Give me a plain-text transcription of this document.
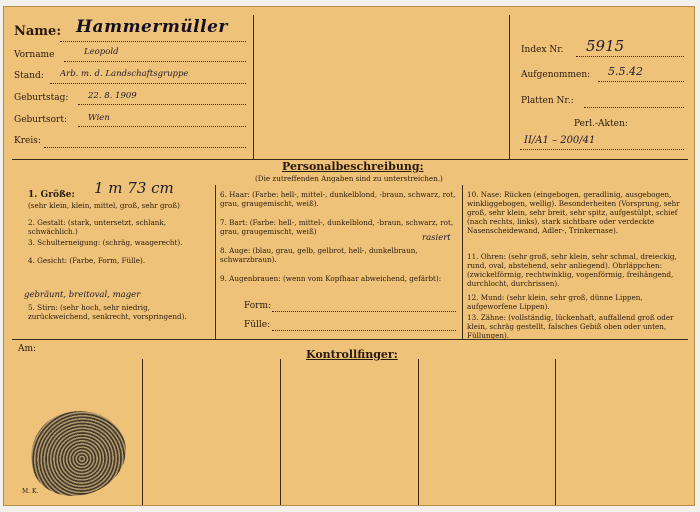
Name: Hammermüller
Vorname	Leopold
Stand: Arb. m. d. Landschaftsgruppe
Geburtstag: 22. 8. 1909
Geburtsort: Wien
Kreis:
Index Nr. 5915
Aufgenommen: 5.5.42
Platten Nr.:
Perl.-Akten:
II/A1 – 200/41
Personalbeschreibung:
(Die zutreffenden Angaben sind zu unterstreichen.)
1. Größe: 1 m 73 cm
(sehr klein, klein, mittel, groß, sehr groß)
2. Gestalt: (stark, untersetzt, schlank, schwächlich.)
3. Schulterneigung: (schräg, waagerecht).
4. Gesicht: (Farbe, Form, Fülle).
gebräunt, breitoval, mager
5. Stirn: (sehr hoch, sehr niedrig, zurückweichend, senkrecht, vorspringend).
6. Haar: (Farbe: hell-, mittel-, dunkelblond, -braun, schwarz, rot, grau, graugemischt, weiß).
7. Bart: (Farbe: hell-, mittel-, dunkelblond, -braun, schwarz, rot, grau, graugemischt, weiß)
rasiert
8. Auge: (blau, grau, gelb, gelbrot, hell-, dunkelbraun, schwarzbraun).
9. Augenbrauen: (wenn vom Kopfhaar abweichend, gefärbt):
Form:
Fülle:
10. Nase: Rücken (eingebogen, geradlinig, ausgebogen, winkliggebogen, wellig). Besonderheiten (Vorsprung, sehr groß, sehr klein, sehr breit, sehr spitz, aufgestülpt, schief (nach rechts, links), stark sichtbare oder verdeckte Nasenscheidewand, Adler-, Trinkernase).
11. Ohren: (sehr groß, sehr klein, sehr schmal, dreieckig, rund, oval, abstehend, sehr anliegend). Ohrläppchen: (zwickelförmig, rechtwinklig, vogenförmig, freihängend, durchlocht, durchrissen).
12. Mund: (sehr klein, sehr groß, dünne Lippen, aufgeworfene Lippen).
13. Zähne: (vollständig, lückenhaft, auffallend groß oder klein, schräg gestellt, falsches Gebiß oben oder unten, Füllungen).
Am:	Kontrollfinger:
M. K.
